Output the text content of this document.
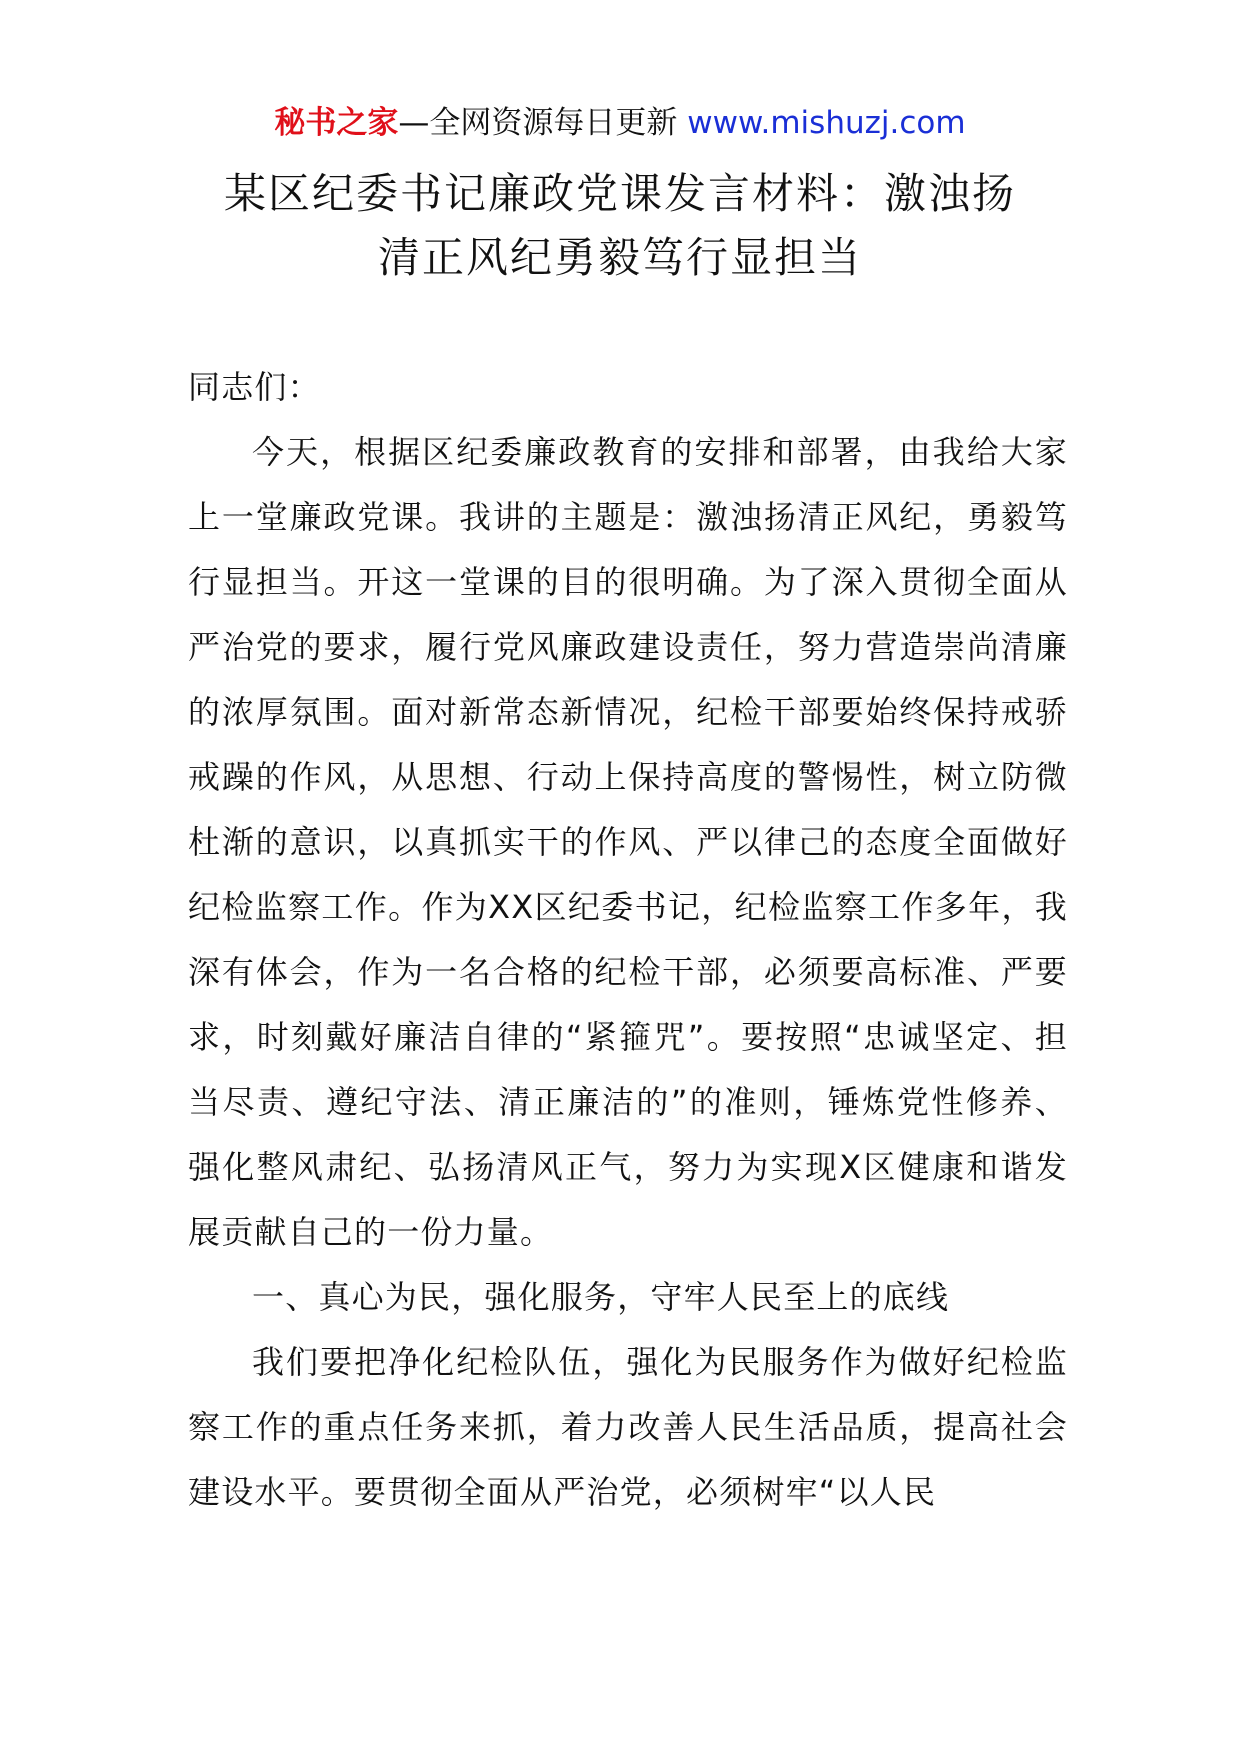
秘书之家—全网资源每日更新 www.mishuzj.com
某区纪委书记廉政党课发言材料：激浊扬
清正风纪勇毅笃行显担当

同志们：

今天，根据区纪委廉政教育的安排和部署，由我给大家上一堂廉政党课。我讲的主题是：激浊扬清正风纪，勇毅笃行显担当。开这一堂课的目的很明确。为了深入贯彻全面从严治党的要求，履行党风廉政建设责任，努力营造崇尚清廉的浓厚氛围。面对新常态新情况，纪检干部要始终保持戒骄戒躁的作风，从思想、行动上保持高度的警惕性，树立防微杜渐的意识，以真抓实干的作风、严以律己的态度全面做好纪检监察工作。作为XX区纪委书记，纪检监察工作多年，我深有体会，作为一名合格的纪检干部，必须要高标准、严要求，时刻戴好廉洁自律的“紧箍咒”。要按照“忠诚坚定、担当尽责、遵纪守法、清正廉洁的”的准则，锤炼党性修养、强化整风肃纪、弘扬清风正气，努力为实现X区健康和谐发展贡献自己的一份力量。

一、真心为民，强化服务，守牢人民至上的底线

我们要把净化纪检队伍，强化为民服务作为做好纪检监察工作的重点任务来抓，着力改善人民生活品质，提高社会建设水平。要贯彻全面从严治党，必须树牢“以人民
